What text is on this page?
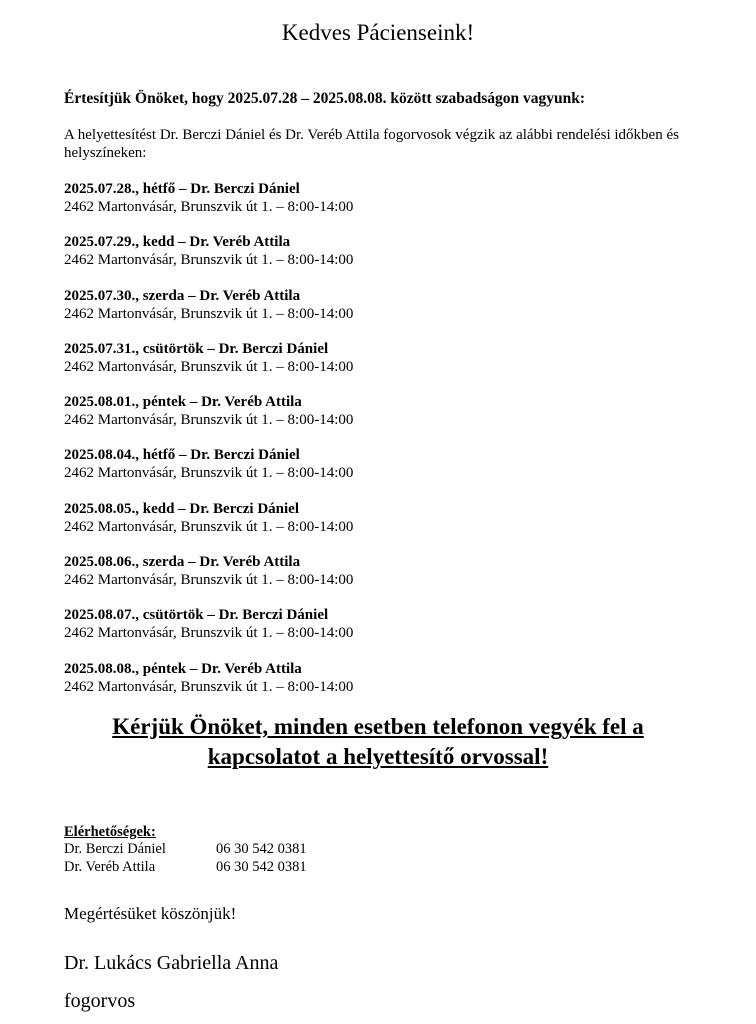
Kedves Pácienseink!
Értesítjük Önöket, hogy 2025.07.28 – 2025.08.08. között szabadságon vagyunk:
A helyettesítést Dr. Berczi Dániel és Dr. Veréb Attila fogorvosok végzik az alábbi rendelési időkben és helyszíneken:
2025.07.28., hétfő – Dr. Berczi Dániel
2462 Martonvásár, Brunszvik út 1. – 8:00-14:00
2025.07.29., kedd – Dr. Veréb Attila
2462 Martonvásár, Brunszvik út 1. – 8:00-14:00
2025.07.30., szerda – Dr. Veréb Attila
2462 Martonvásár, Brunszvik út 1. – 8:00-14:00
2025.07.31., csütörtök – Dr. Berczi Dániel
2462 Martonvásár, Brunszvik út 1. – 8:00-14:00
2025.08.01., péntek – Dr. Veréb Attila
2462 Martonvásár, Brunszvik út 1. – 8:00-14:00
2025.08.04., hétfő – Dr. Berczi Dániel
2462 Martonvásár, Brunszvik út 1. – 8:00-14:00
2025.08.05., kedd – Dr. Berczi Dániel
2462 Martonvásár, Brunszvik út 1. – 8:00-14:00
2025.08.06., szerda – Dr. Veréb Attila
2462 Martonvásár, Brunszvik út 1. – 8:00-14:00
2025.08.07., csütörtök – Dr. Berczi Dániel
2462 Martonvásár, Brunszvik út 1. – 8:00-14:00
2025.08.08., péntek – Dr. Veréb Attila
2462 Martonvásár, Brunszvik út 1. – 8:00-14:00
Kérjük Önöket, minden esetben telefonon vegyék fel a
kapcsolatot a helyettesítő orvossal!
Elérhetőségek:
Dr. Berczi Dániel	06 30 542 0381
Dr. Veréb Attila	06 30 542 0381
Megértésüket köszönjük!
Dr. Lukács Gabriella Anna
fogorvos
